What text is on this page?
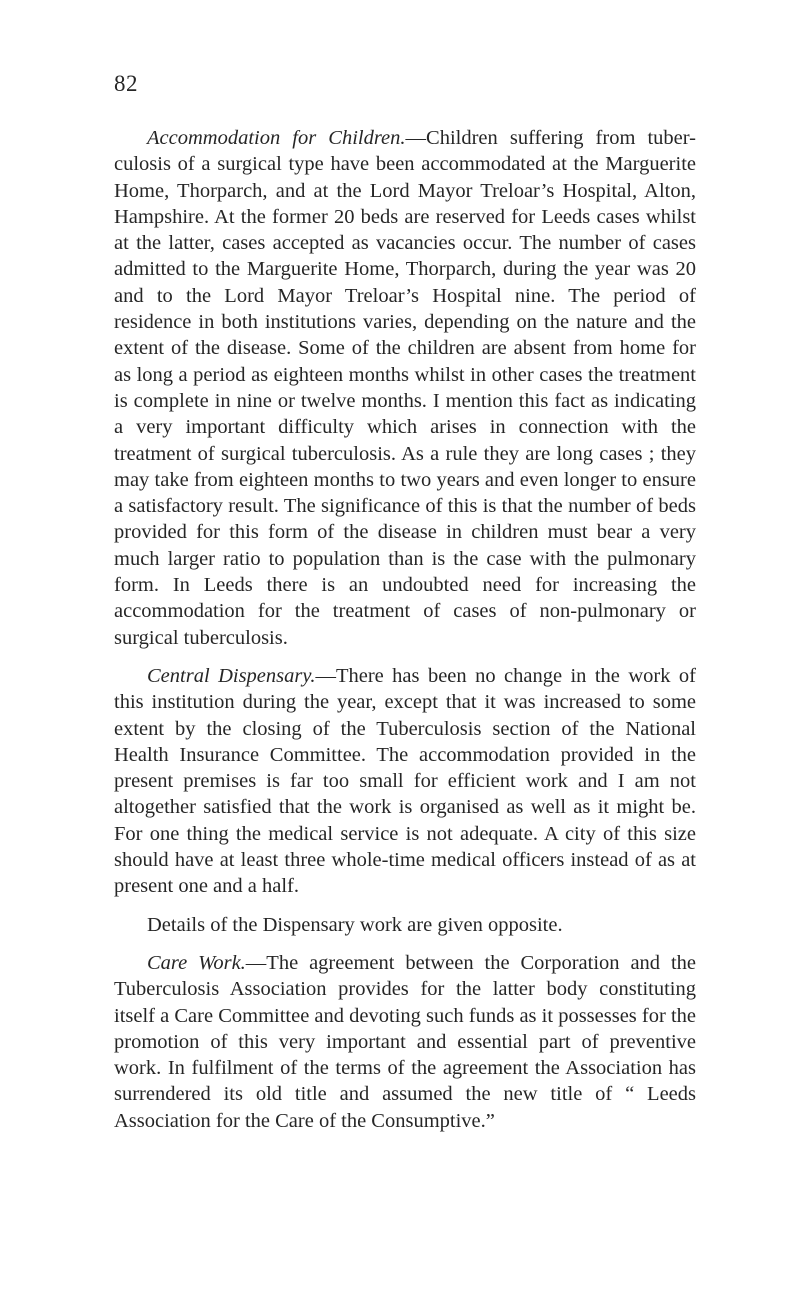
82

Accommodation for Children.—Children suffering from tuber-culosis of a surgical type have been accommodated at the Marguerite Home, Thorparch, and at the Lord Mayor Treloar’s Hospital, Alton, Hampshire. At the former 20 beds are reserved for Leeds cases whilst at the latter, cases accepted as vacancies occur. The number of cases admitted to the Marguerite Home, Thorparch, during the year was 20 and to the Lord Mayor Treloar’s Hospital nine. The period of residence in both institutions varies, depending on the nature and the extent of the disease. Some of the children are absent from home for as long a period as eighteen months whilst in other cases the treatment is complete in nine or twelve months. I mention this fact as indicating a very important difficulty which arises in connection with the treatment of surgical tuberculosis. As a rule they are long cases ; they may take from eighteen months to two years and even longer to ensure a satisfactory result. The significance of this is that the number of beds provided for this form of the disease in children must bear a very much larger ratio to population than is the case with the pulmonary form. In Leeds there is an undoubted need for increasing the accommodation for the treatment of cases of non-pulmonary or surgical tuberculosis.

Central Dispensary.—There has been no change in the work of this institution during the year, except that it was increased to some extent by the closing of the Tuberculosis section of the National Health Insurance Committee. The accommodation provided in the present premises is far too small for efficient work and I am not altogether satisfied that the work is organised as well as it might be. For one thing the medical service is not adequate. A city of this size should have at least three whole-time medical officers instead of as at present one and a half.

Details of the Dispensary work are given opposite.

Care Work.—The agreement between the Corporation and the Tuberculosis Association provides for the latter body constituting itself a Care Committee and devoting such funds as it possesses for the promotion of this very important and essential part of preventive work. In fulfilment of the terms of the agreement the Association has surrendered its old title and assumed the new title of “ Leeds Association for the Care of the Consumptive.”
